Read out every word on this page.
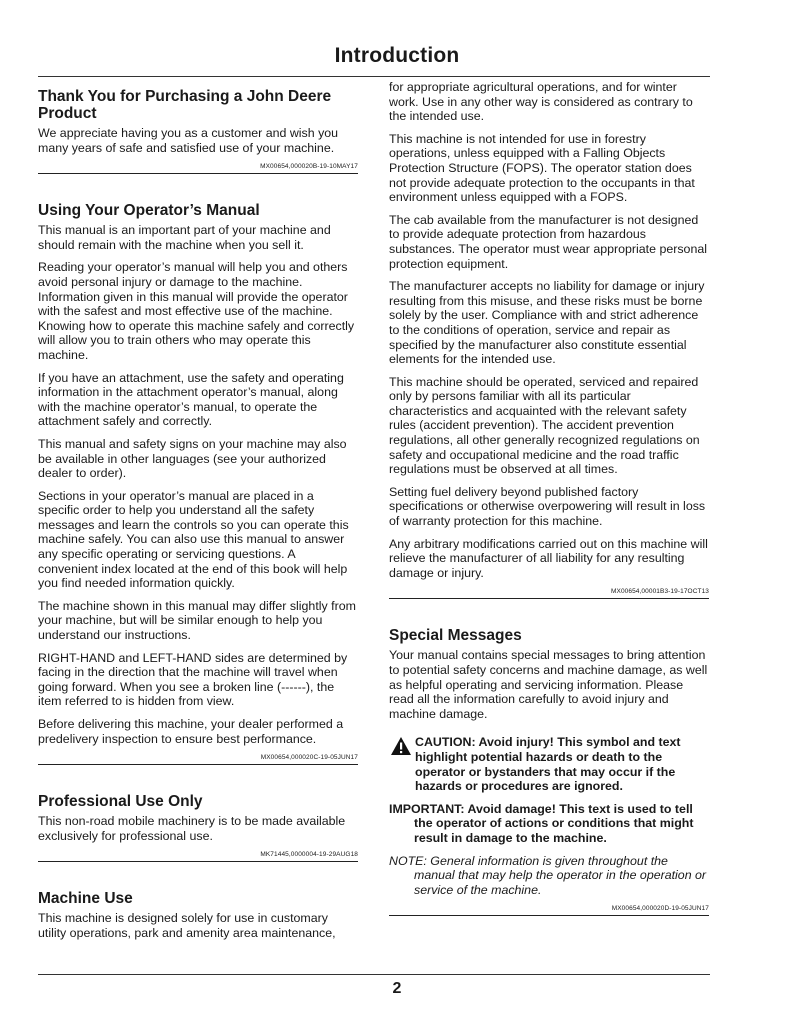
Introduction
Thank You for Purchasing a John Deere Product

We appreciate having you as a customer and wish you many years of safe and satisfied use of your machine.

MX00654,000020B-19-10MAY17
Using Your Operator’s Manual

This manual is an important part of your machine and should remain with the machine when you sell it.

Reading your operator’s manual will help you and others avoid personal injury or damage to the machine. Information given in this manual will provide the operator with the safest and most effective use of the machine. Knowing how to operate this machine safely and correctly will allow you to train others who may operate this machine.

If you have an attachment, use the safety and operating information in the attachment operator’s manual, along with the machine operator’s manual, to operate the attachment safely and correctly.

This manual and safety signs on your machine may also be available in other languages (see your authorized dealer to order).

Sections in your operator’s manual are placed in a specific order to help you understand all the safety messages and learn the controls so you can operate this machine safely. You can also use this manual to answer any specific operating or servicing questions. A convenient index located at the end of this book will help you find needed information quickly.

The machine shown in this manual may differ slightly from your machine, but will be similar enough to help you understand our instructions.

RIGHT-HAND and LEFT-HAND sides are determined by facing in the direction that the machine will travel when going forward. When you see a broken line (------), the item referred to is hidden from view.

Before delivering this machine, your dealer performed a predelivery inspection to ensure best performance.

MX00654,000020C-19-05JUN17
Professional Use Only

This non-road mobile machinery is to be made available exclusively for professional use.

MK71445,0000004-19-29AUG18
Machine Use

This machine is designed solely for use in customary utility operations, park and amenity area maintenance,

for appropriate agricultural operations, and for winter work. Use in any other way is considered as contrary to the intended use.

This machine is not intended for use in forestry operations, unless equipped with a Falling Objects Protection Structure (FOPS). The operator station does not provide adequate protection to the occupants in that environment unless equipped with a FOPS.

The cab available from the manufacturer is not designed to provide adequate protection from hazardous substances. The operator must wear appropriate personal protection equipment.

The manufacturer accepts no liability for damage or injury resulting from this misuse, and these risks must be borne solely by the user. Compliance with and strict adherence to the conditions of operation, service and repair as specified by the manufacturer also constitute essential elements for the intended use.

This machine should be operated, serviced and repaired only by persons familiar with all its particular characteristics and acquainted with the relevant safety rules (accident prevention). The accident prevention regulations, all other generally recognized regulations on safety and occupational medicine and the road traffic regulations must be observed at all times.

Setting fuel delivery beyond published factory specifications or otherwise overpowering will result in loss of warranty protection for this machine.

Any arbitrary modifications carried out on this machine will relieve the manufacturer of all liability for any resulting damage or injury.

MX00654,00001B3-19-17OCT13
Special Messages

Your manual contains special messages to bring attention to potential safety concerns and machine damage, as well as helpful operating and servicing information. Please read all the information carefully to avoid injury and machine damage.

CAUTION: Avoid injury! This symbol and text highlight potential hazards or death to the operator or bystanders that may occur if the hazards or procedures are ignored.

IMPORTANT: Avoid damage! This text is used to tell the operator of actions or conditions that might result in damage to the machine.

NOTE: General information is given throughout the manual that may help the operator in the operation or service of the machine.

MX00654,000020D-19-05JUN17
2
